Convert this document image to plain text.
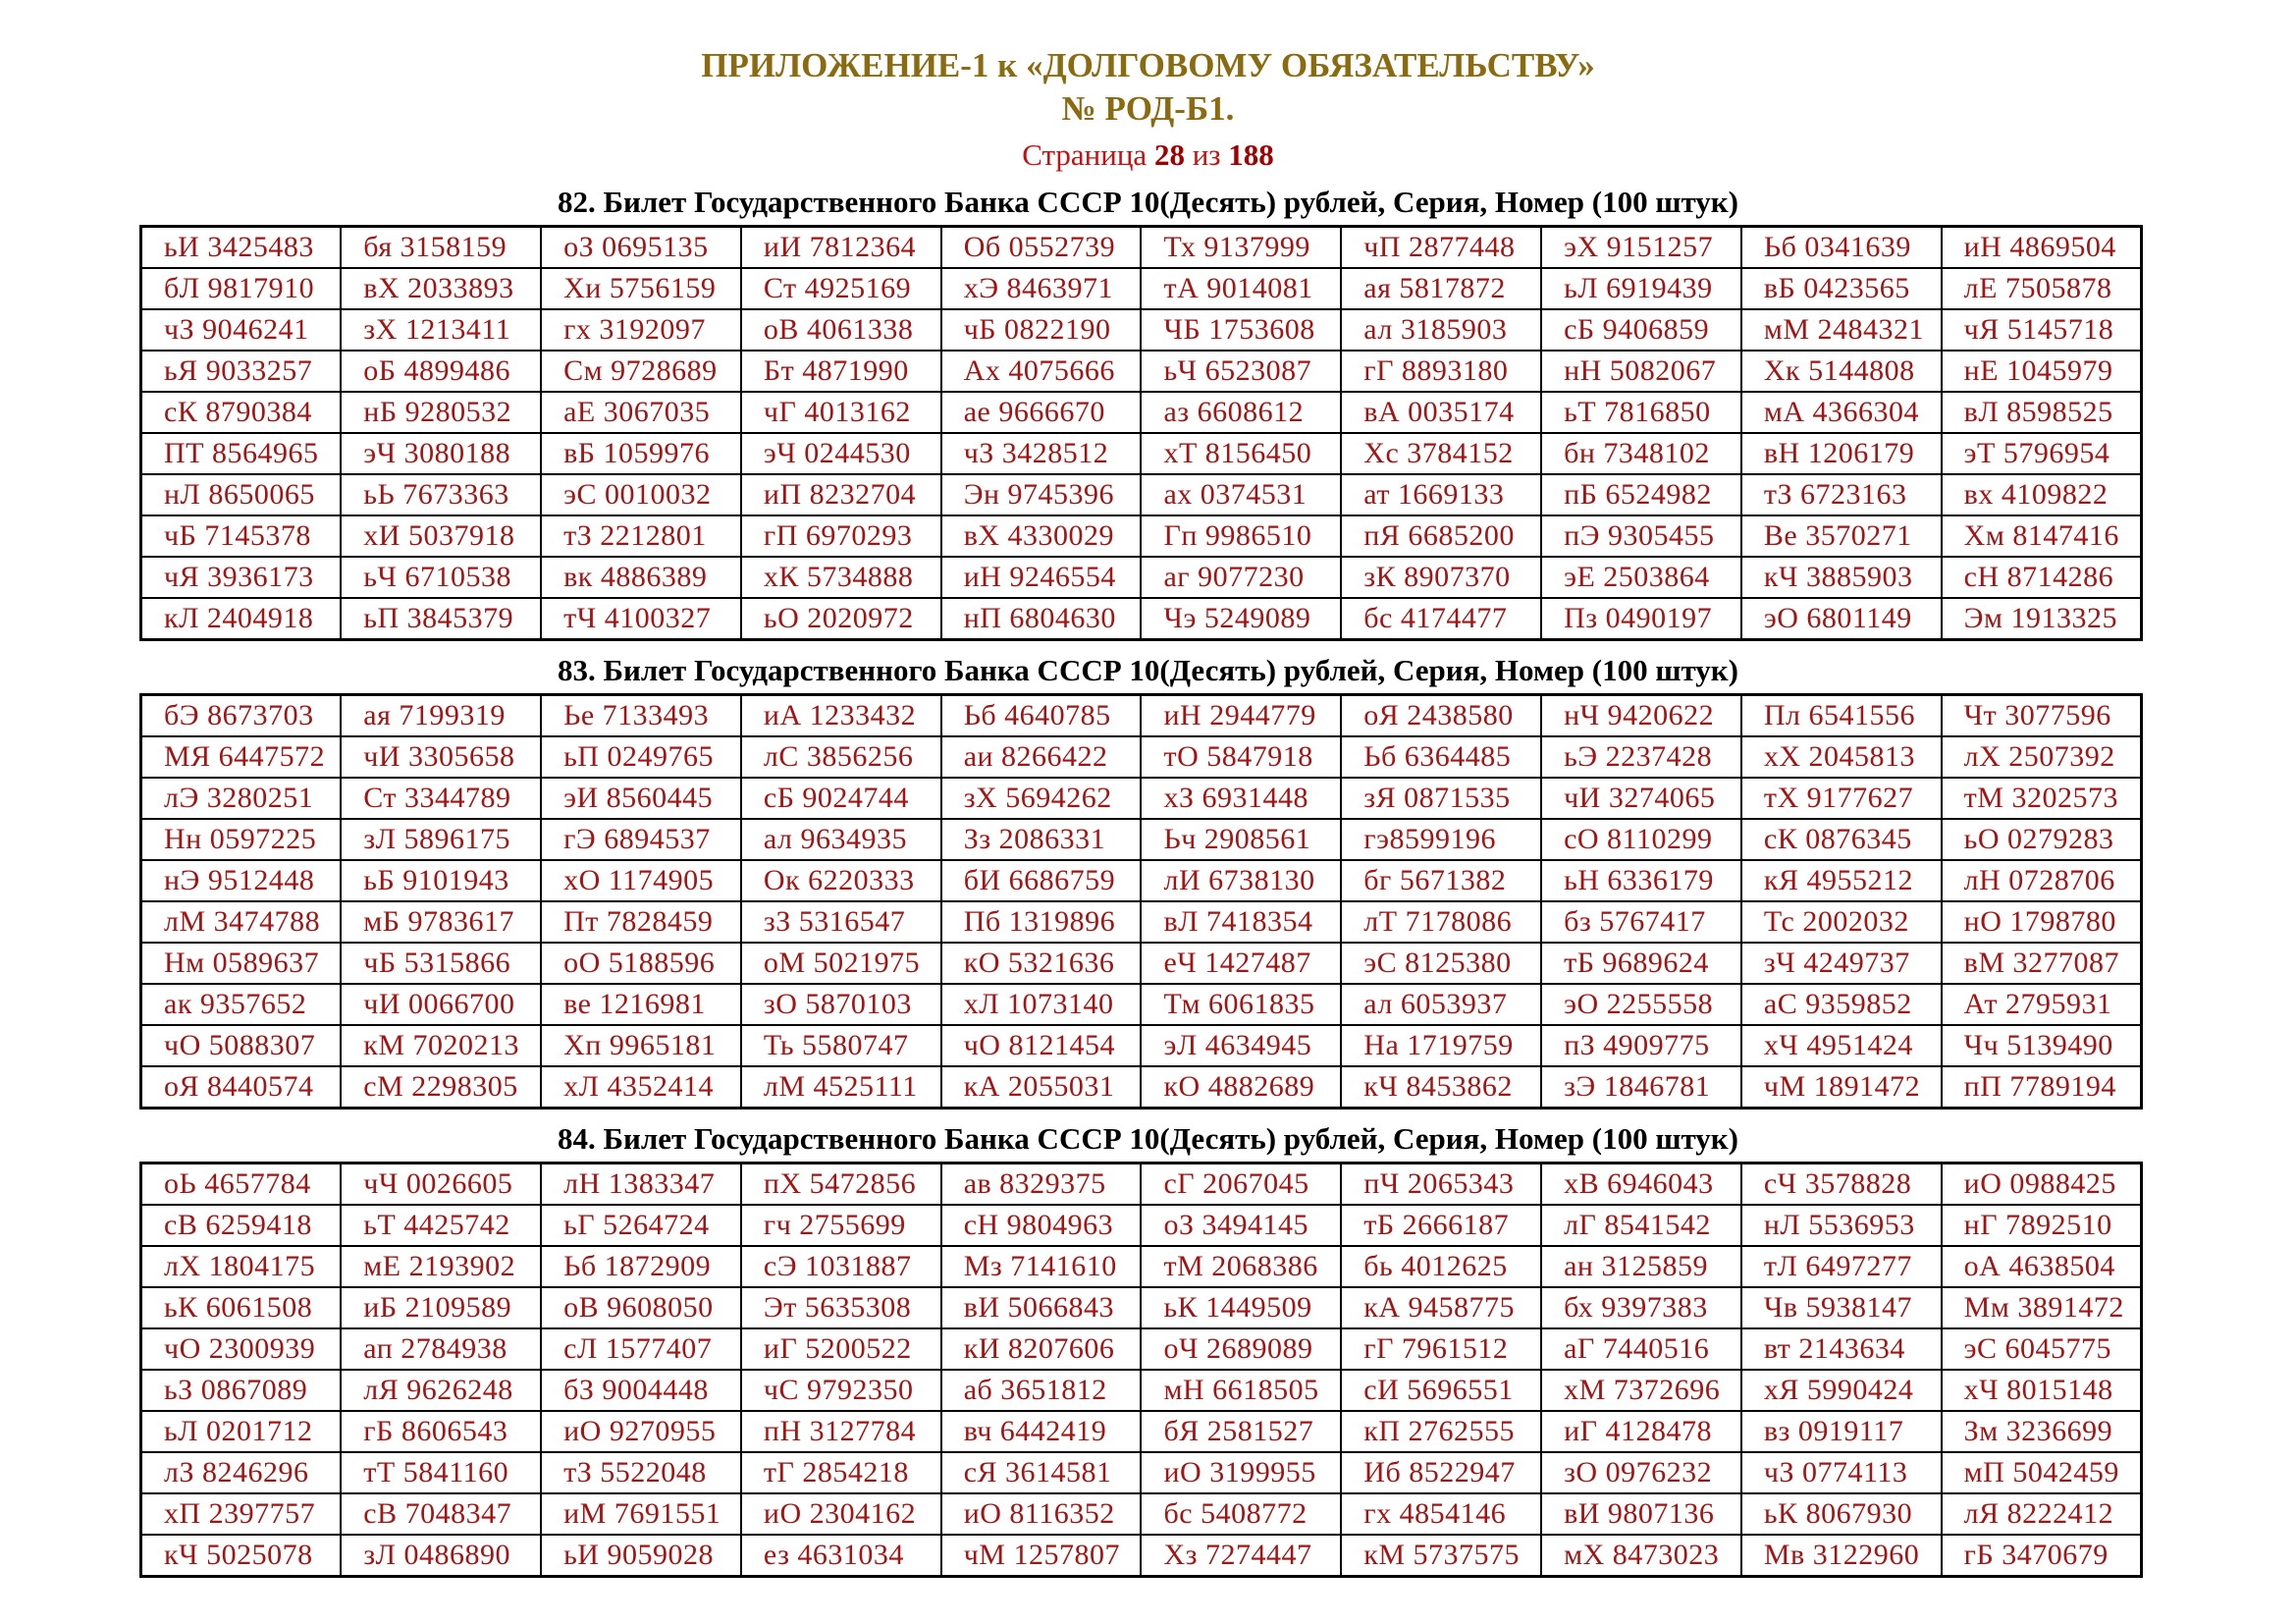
ПРИЛОЖЕНИЕ-1 к «ДОЛГОВОМУ ОБЯЗАТЕЛЬСТВУ»
№ РОД-Б1.
Страница 28 из 188
82. Билет Государственного Банка СССР 10(Десять) рублей, Серия, Номер (100 штук)
ьИ 3425483	бя 3158159	оЗ 0695135	иИ 7812364	Об 0552739	Тх 9137999	чП 2877448	эХ 9151257	Ьб 0341639	иН 4869504
бЛ 9817910	вХ 2033893	Хи 5756159	Ст 4925169	хЭ 8463971	тА 9014081	ая 5817872	ьЛ 6919439	вБ 0423565	лЕ 7505878
чЗ 9046241	зХ 1213411	гх 3192097	оВ 4061338	чБ 0822190	ЧБ 1753608	ал 3185903	сБ 9406859	мМ 2484321	чЯ 5145718
ьЯ 9033257	оБ 4899486	См 9728689	Бт 4871990	Ах 4075666	ьЧ 6523087	гГ 8893180	нН 5082067	Хк 5144808	нЕ 1045979
сК 8790384	нБ 9280532	аЕ 3067035	чГ 4013162	ае 9666670	аз 6608612	вА 0035174	ьТ 7816850	мА 4366304	вЛ 8598525
ПТ 8564965	эЧ 3080188	вБ 1059976	эЧ 0244530	чЗ 3428512	хТ 8156450	Хс 3784152	бн 7348102	вН 1206179	эТ 5796954
нЛ 8650065	ьЬ 7673363	эС 0010032	иП 8232704	Эн 9745396	ах 0374531	ат 1669133	пБ 6524982	тЗ 6723163	вх 4109822
чБ 7145378	хИ 5037918	тЗ 2212801	гП 6970293	вХ 4330029	Гп 9986510	пЯ 6685200	пЭ 9305455	Ве 3570271	Хм 8147416
чЯ 3936173	ьЧ 6710538	вк 4886389	хК 5734888	иН 9246554	аг 9077230	зК 8907370	эЕ 2503864	кЧ 3885903	сН 8714286
кЛ 2404918	ьП 3845379	тЧ 4100327	ьО 2020972	нП 6804630	Чэ 5249089	бс 4174477	Пз 0490197	эО 6801149	Эм 1913325
83. Билет Государственного Банка СССР 10(Десять) рублей, Серия, Номер (100 штук)
бЭ 8673703	ая 7199319	Ье 7133493	иА 1233432	Ьб 4640785	иН 2944779	оЯ 2438580	нЧ 9420622	Пл 6541556	Чт 3077596
МЯ 6447572	чИ 3305658	ьП 0249765	лС 3856256	аи 8266422	тО 5847918	Ьб 6364485	ьЭ 2237428	хХ 2045813	лХ 2507392
лЭ 3280251	Ст 3344789	эИ 8560445	сБ 9024744	зХ 5694262	хЗ 6931448	зЯ 0871535	чИ 3274065	тХ 9177627	тМ 3202573
Нн 0597225	зЛ 5896175	гЭ 6894537	ал 9634935	Зз 2086331	Ьч 2908561	гэ8599196	сО 8110299	сК 0876345	ьО 0279283
нЭ 9512448	ьБ 9101943	хО 1174905	Ок 6220333	бИ 6686759	лИ 6738130	бг 5671382	ьН 6336179	кЯ 4955212	лН 0728706
лМ 3474788	мБ 9783617	Пт 7828459	зЗ 5316547	Пб 1319896	вЛ 7418354	лТ 7178086	бз 5767417	Тс 2002032	нО 1798780
Нм 0589637	чБ 5315866	оО 5188596	оМ 5021975	кО 5321636	еЧ 1427487	эС 8125380	тБ 9689624	зЧ 4249737	вМ 3277087
ак 9357652	чИ 0066700	ве 1216981	зО 5870103	хЛ 1073140	Тм 6061835	ал 6053937	эО 2255558	аС 9359852	Ат 2795931
чО 5088307	кМ 7020213	Хп 9965181	Ть 5580747	чО 8121454	эЛ 4634945	На 1719759	пЗ 4909775	хЧ 4951424	Чч 5139490
оЯ 8440574	сМ 2298305	хЛ 4352414	лМ 4525111	кА 2055031	кО 4882689	кЧ 8453862	зЭ 1846781	чМ 1891472	пП 7789194
84. Билет Государственного Банка СССР 10(Десять) рублей, Серия, Номер (100 штук)
оЬ 4657784	чЧ 0026605	лН 1383347	пХ 5472856	ав 8329375	сГ 2067045	пЧ 2065343	хВ 6946043	сЧ 3578828	иО 0988425
сВ 6259418	ьТ 4425742	ьГ 5264724	гч 2755699	сН 9804963	оЗ 3494145	тБ 2666187	лГ 8541542	нЛ 5536953	нГ 7892510
лХ 1804175	мЕ 2193902	Ьб 1872909	сЭ 1031887	Мз 7141610	тМ 2068386	бь 4012625	ан 3125859	тЛ 6497277	оА 4638504
ьК 6061508	иБ 2109589	оВ 9608050	Эт 5635308	вИ 5066843	ьК 1449509	кА 9458775	бх 9397383	Чв 5938147	Мм 3891472
чО 2300939	ап 2784938	сЛ 1577407	иГ 5200522	кИ 8207606	оЧ 2689089	гГ 7961512	аГ 7440516	вт 2143634	эС 6045775
ьЗ 0867089	лЯ 9626248	бЗ 9004448	чС 9792350	аб 3651812	мН 6618505	сИ 5696551	хМ 7372696	хЯ 5990424	хЧ 8015148
ьЛ 0201712	гБ 8606543	иО 9270955	пН 3127784	вч 6442419	бЯ 2581527	кП 2762555	иГ 4128478	вз 0919117	Зм 3236699
лЗ 8246296	тТ 5841160	тЗ 5522048	тГ 2854218	сЯ 3614581	иО 3199955	Иб 8522947	зО 0976232	чЗ 0774113	мП 5042459
хП 2397757	сВ 7048347	иМ 7691551	иО 2304162	иО 8116352	бс 5408772	гх 4854146	вИ 9807136	ьК 8067930	лЯ 8222412
кЧ 5025078	зЛ 0486890	ьИ 9059028	ез 4631034	чМ 1257807	Хз 7274447	кМ 5737575	мХ 8473023	Мв 3122960	гБ 3470679
